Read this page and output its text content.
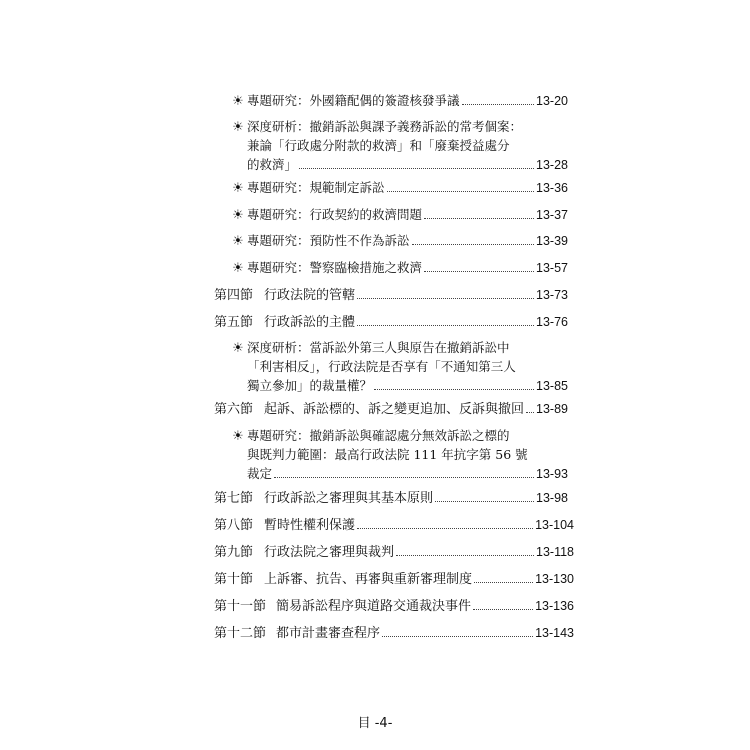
☀ 專題研究： 外國籍配偶的簽證核發爭議	13-20
☀ 深度研析：撤銷訴訟與課予義務訴訟的常考個案：
兼論「行政處分附款的救濟」和「廢棄授益處分
的救濟」	13-28
☀ 專題研究： 規範制定訴訟	13-36
☀ 專題研究： 行政契約的救濟問題	13-37
☀ 專題研究： 預防性不作為訴訟	13-39
☀ 專題研究： 警察臨檢措施之救濟	13-57
第四節 行政法院的管轄	13-73
第五節 行政訴訟的主體	13-76
☀ 深度研析：當訴訟外第三人與原告在撤銷訴訟中
「利害相反」，行政法院是否享有「不通知第三人
獨立參加」的裁量權？	13-85
第六節 起訴、訴訟標的、訴之變更追加、反訴與撤回 13-89
☀ 專題研究：撤銷訴訟與確認處分無效訴訟之標的
與既判力範圍：最高行政法院 111 年抗字第 56 號
裁定	13-93
第七節 行政訴訟之審理與其基本原則	13-98
第八節 暫時性權利保護	13-104
第九節 行政法院之審理與裁判	13-118
第十節 上訴審、抗告、再審與重新審理制度	13-130
第十一節 簡易訴訟程序與道路交通裁決事件	13-136
第十二節 都市計畫審查程序	13-143
目 -4-
